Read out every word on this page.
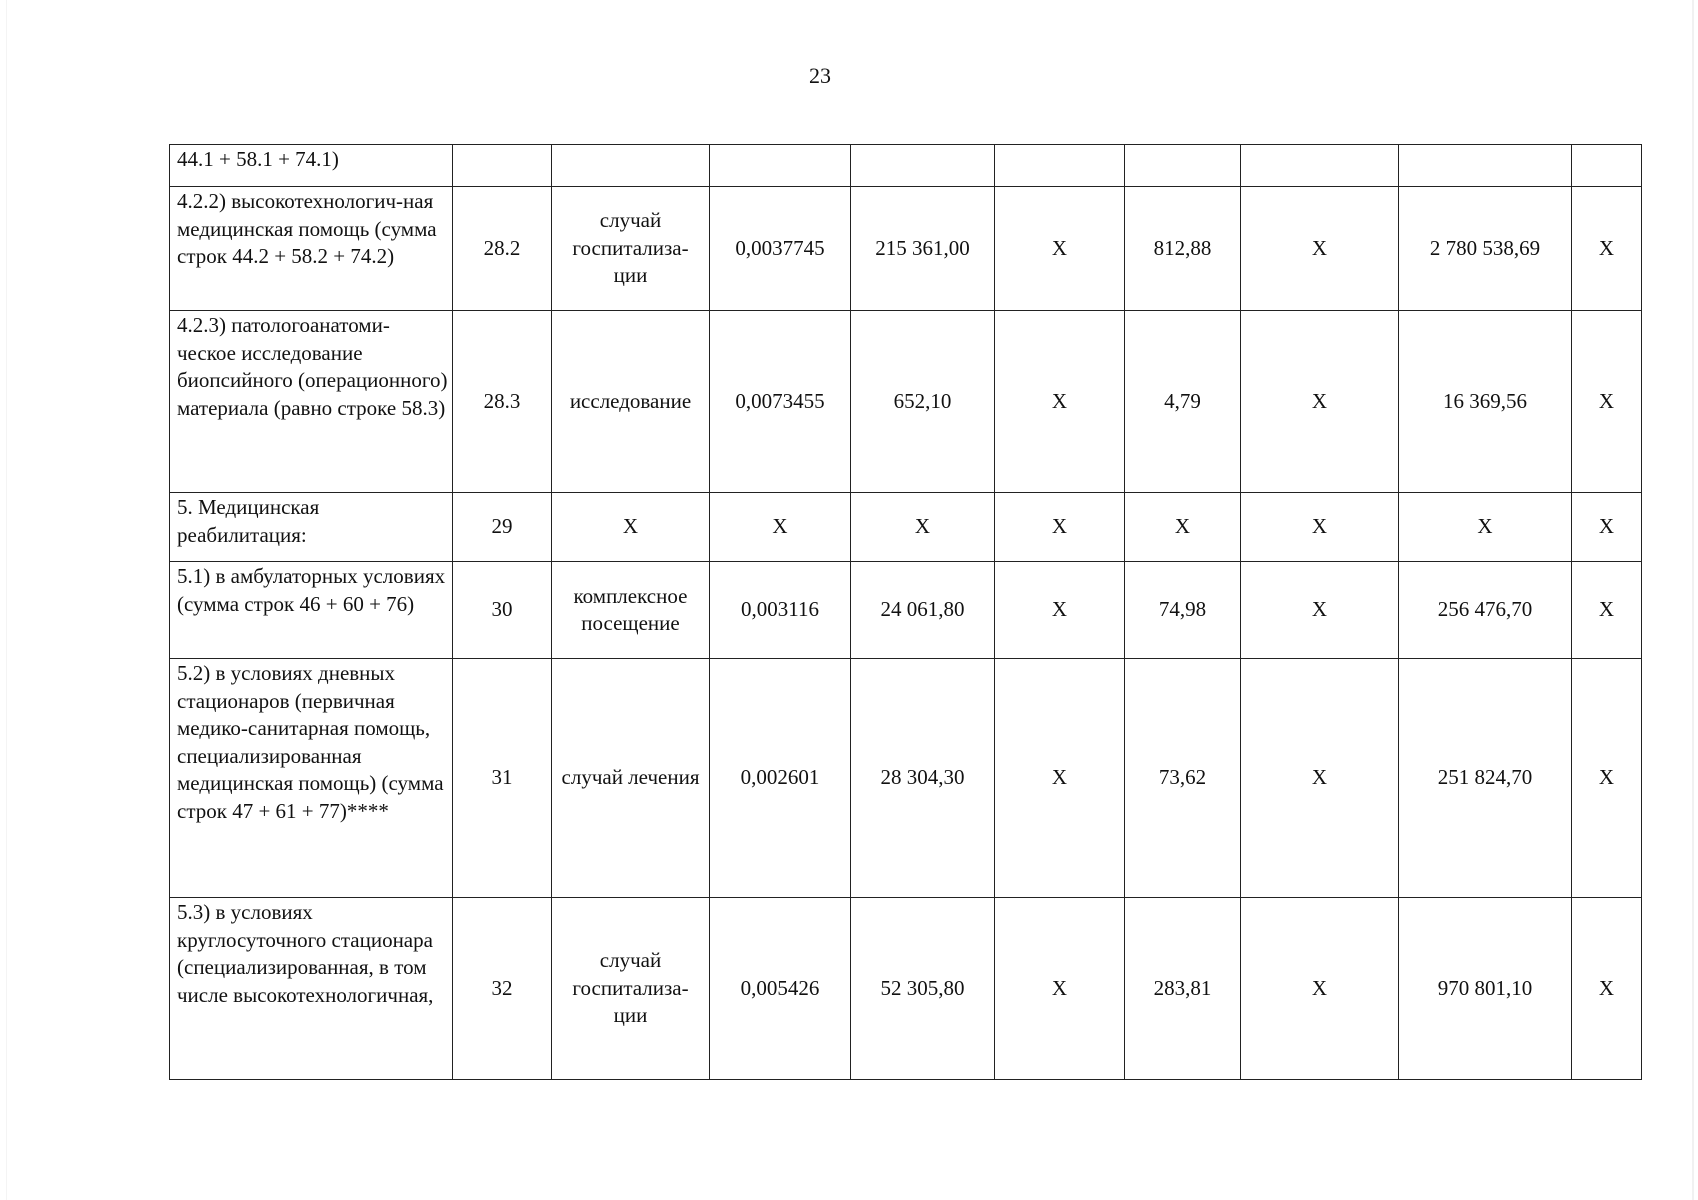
23
44.1 + 58.1 + 74.1)									
4.2.2) высокотехнологич-ная медицинская помощь (сумма строк 44.2 + 58.2 + 74.2)	28.2	случай госпитализа-ции	0,0037745	215 361,00	Х	812,88	Х	2 780 538,69	Х
4.2.3) патологоанатоми-ческое исследование биопсийного (операционного) материала (равно строке 58.3)	28.3	исследование	0,0073455	652,10	Х	4,79	Х	16 369,56	Х
5. Медицинская реабилитация:	29	Х	Х	Х	Х	Х	Х	Х	Х
5.1) в амбулаторных условиях (сумма строк 46 + 60 + 76)	30	комплексное посещение	0,003116	24 061,80	Х	74,98	Х	256 476,70	Х
5.2) в условиях дневных стационаров (первичная медико-санитарная помощь, специализированная медицинская помощь) (сумма строк 47 + 61 + 77)****	31	случай лечения	0,002601	28 304,30	Х	73,62	Х	251 824,70	Х
5.3) в условиях круглосуточного стационара (специализированная, в том числе высокотехнологичная,	32	случай госпитализа-ции	0,005426	52 305,80	Х	283,81	Х	970 801,10	Х
